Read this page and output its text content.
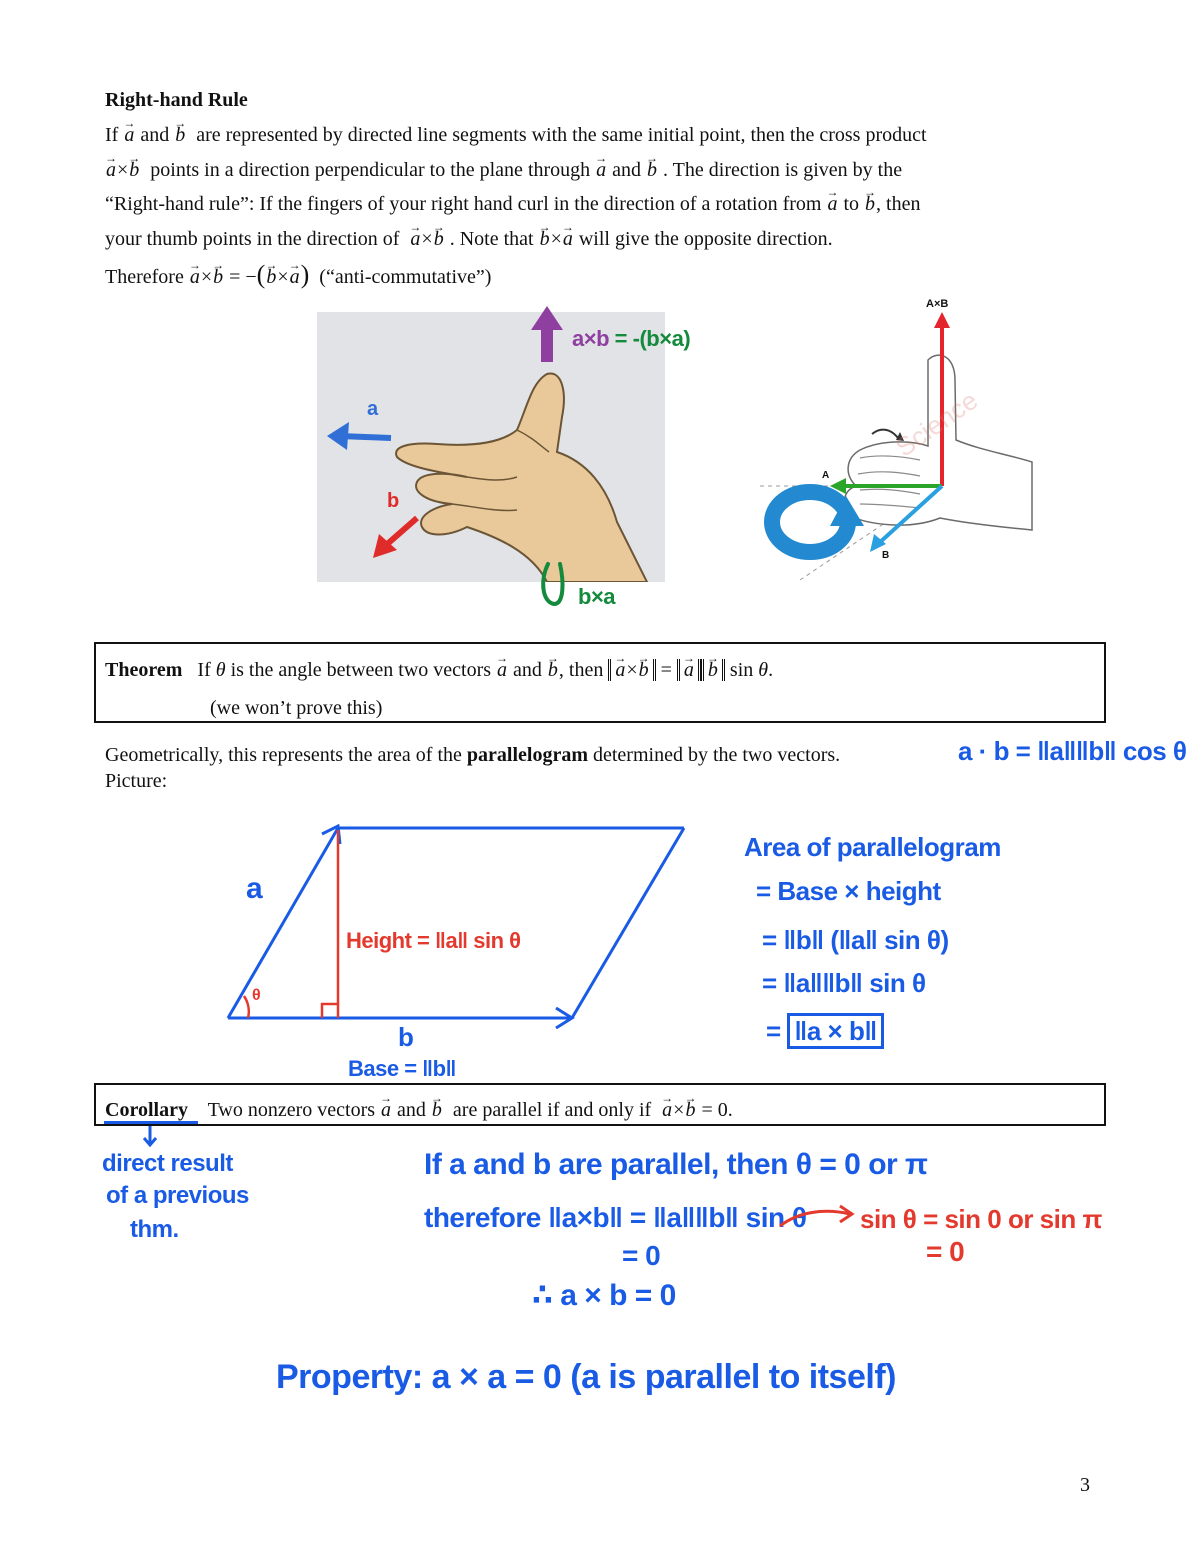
Right-hand Rule
If → a and → b are represented by directed line segments with the same initial point, then the cross product
→ a×→ b points in a direction perpendicular to the plane through → a and → b . The direction is given by the
“Right-hand rule”: If the fingers of your right hand curl in the direction of a rotation from → a to → b, then
your thumb points in the direction of → a×→ b . Note that → b×→ a will give the opposite direction.
Therefore → a×→ b = −(→ b×→ a) (“anti-commutative”)
a
b
a×b = -(b×a)
b×a
A×B
A
B
Science
Theorem If θ is the angle between two vectors → a and → b, then → a×→ b = → a → b sin θ.
(we won’t prove this)
Geometrically, this represents the area of the parallelogram determined by the two vectors.
Picture:
a · b = ‖a‖‖b‖ cos θ
a
θ
Height = ‖a‖ sin θ
b
Base = ‖b‖
Area of parallelogram
= Base × height
= ‖b‖ (‖a‖ sin θ)
= ‖a‖‖b‖ sin θ
= ‖a × b‖
Corollary Two nonzero vectors → a and → b are parallel if and only if → a×→ b = 0.
direct result
of a previous
thm.
If a and b are parallel, then θ = 0 or π
therefore ‖a×b‖ = ‖a‖‖b‖ sin θ sin θ = sin 0 or sin π
= 0
= 0
∴ a × b = 0
Property: a × a = 0 (a is parallel to itself)
3
